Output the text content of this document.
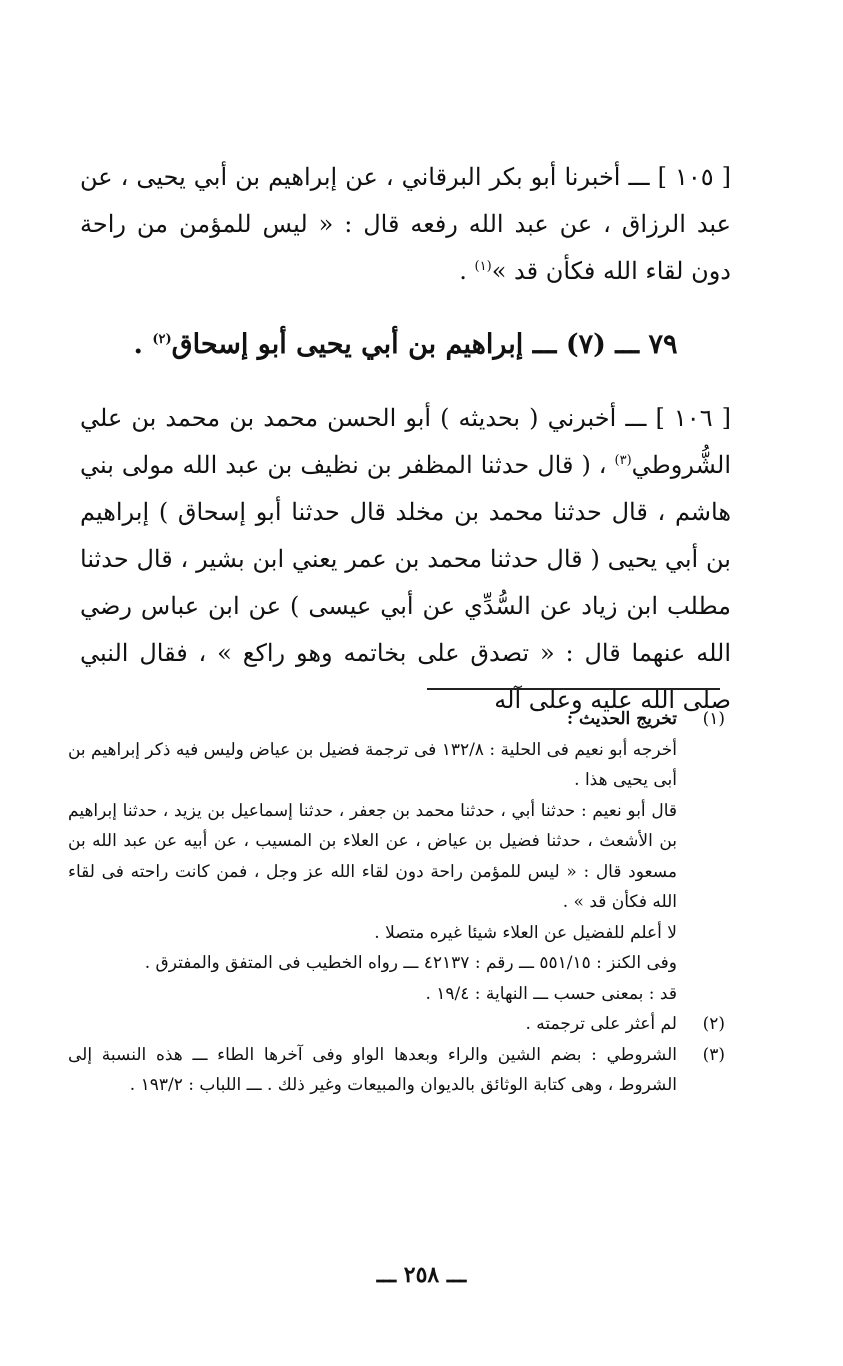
[ ١٠٥ ] ـــ أخبرنا أبو بكر البرقاني ، عن إبراهيم بن أبي يحيى ، عن عبد الرزاق ، عن عبد الله رفعه قال : « ليس للمؤمن من راحة دون لقاء الله فكأن قد »$^{(١)}$ .

٧٩ ـــ (٧) ـــ إبراهيم بن أبي يحيى أبو إسحاق$^{(٢)}$ .

[ ١٠٦ ] ـــ أخبرني ( بحديثه ) أبو الحسن محمد بن محمد بن علي الشُّروطي$^{(٣)}$ ، ( قال حدثنا المظفر بن نظيف بن عبد الله مولى بني هاشم ، قال حدثنا محمد بن مخلد قال حدثنا أبو إسحاق ) إبراهيم بن أبي يحيى ( قال حدثنا محمد بن عمر يعني ابن بشير ، قال حدثنا مطلب ابن زياد عن السُّدِّي عن أبي عيسى ) عن ابن عباس رضي الله عنهما قال : « تصدق على بخاتمه وهو راكع » ، فقال النبي صلى الله عليه وعلى آله

(١)

تخريج الحديث :

أخرجه أبو نعيم فى الحلية : ١٣٢/٨ فى ترجمة فضيل بن عياض وليس فيه ذكر إبراهيم بن أبى يحيى هذا .

قال أبو نعيم : حدثنا أبي ، حدثنا محمد بن جعفر ، حدثنا إسماعيل بن يزيد ، حدثنا إبراهيم بن الأشعث ، حدثنا فضيل بن عياض ، عن العلاء بن المسيب ، عن أبيه عن عبد الله بن مسعود قال : « ليس للمؤمن راحة دون لقاء الله عز وجل ، فمن كانت راحته فى لقاء الله فكأن قد » .

لا أعلم للفضيل عن العلاء شيئا غيره متصلا .

وفى الكنز : ٥٥١/١٥ ـــ رقم : ٤٢١٣٧ ـــ رواه الخطيب فى المتفق والمفترق .

قد : بمعنى حسب ـــ النهاية : ١٩/٤ .

(٢)

لم أعثر على ترجمته .

(٣)

الشروطي : بضم الشين والراء وبعدها الواو وفى آخرها الطاء ـــ هذه النسبة إلى الشروط ، وهى كتابة الوثائق بالديوان والمبيعات وغير ذلك . ـــ اللباب : ١٩٣/٢ .

ـــ ٢٥٨ ـــ
